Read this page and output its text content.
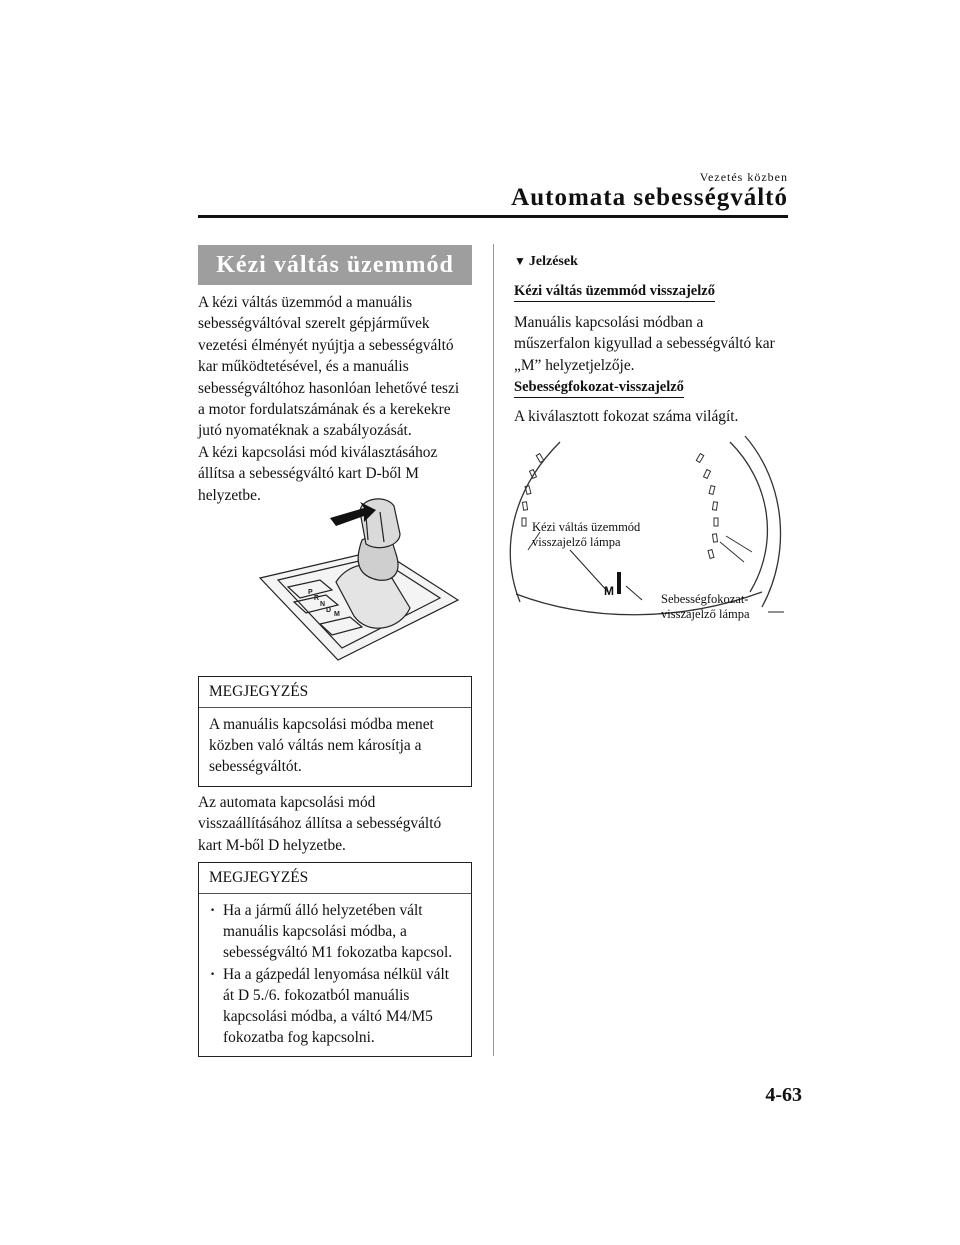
Vezetés közben
Automata sebességváltó
Kézi váltás üzemmód
A kézi váltás üzemmód a manuális
sebességváltóval szerelt gépjárművek
vezetési élményét nyújtja a sebességváltó
kar működtetésével, és a manuális
sebességváltóhoz hasonlóan lehetővé teszi
a motor fordulatszámának és a kerekekre
jutó nyomatéknak a szabályozását.
A kézi kapcsolási mód kiválasztásához
állítsa a sebességváltó kart D-ből M
helyzetbe.
P
R
N
D
M
MEGJEGYZÉS
A manuális kapcsolási módba menet
közben való váltás nem károsítja a
sebességváltót.
Az automata kapcsolási mód
visszaállításához állítsa a sebességváltó
kart M-ből D helyzetbe.
MEGJEGYZÉS
· Ha a jármű álló helyzetében vált
manuális kapcsolási módba, a
sebességváltó M1 fokozatba kapcsol.
· Ha a gázpedál lenyomása nélkül vált
át D 5./6. fokozatból manuális
kapcsolási módba, a váltó M4/M5
fokozatba fog kapcsolni.
▼ Jelzések
Kézi váltás üzemmód visszajelző
Manuális kapcsolási módban a
műszerfalon kigyullad a sebességváltó kar
„M” helyzetjelzője.
Sebességfokozat-visszajelző
A kiválasztott fokozat száma világít.
M
Kézi váltás üzemmód
visszajelző lámpa
Sebességfokozat-
visszajelző lámpa
4-63
